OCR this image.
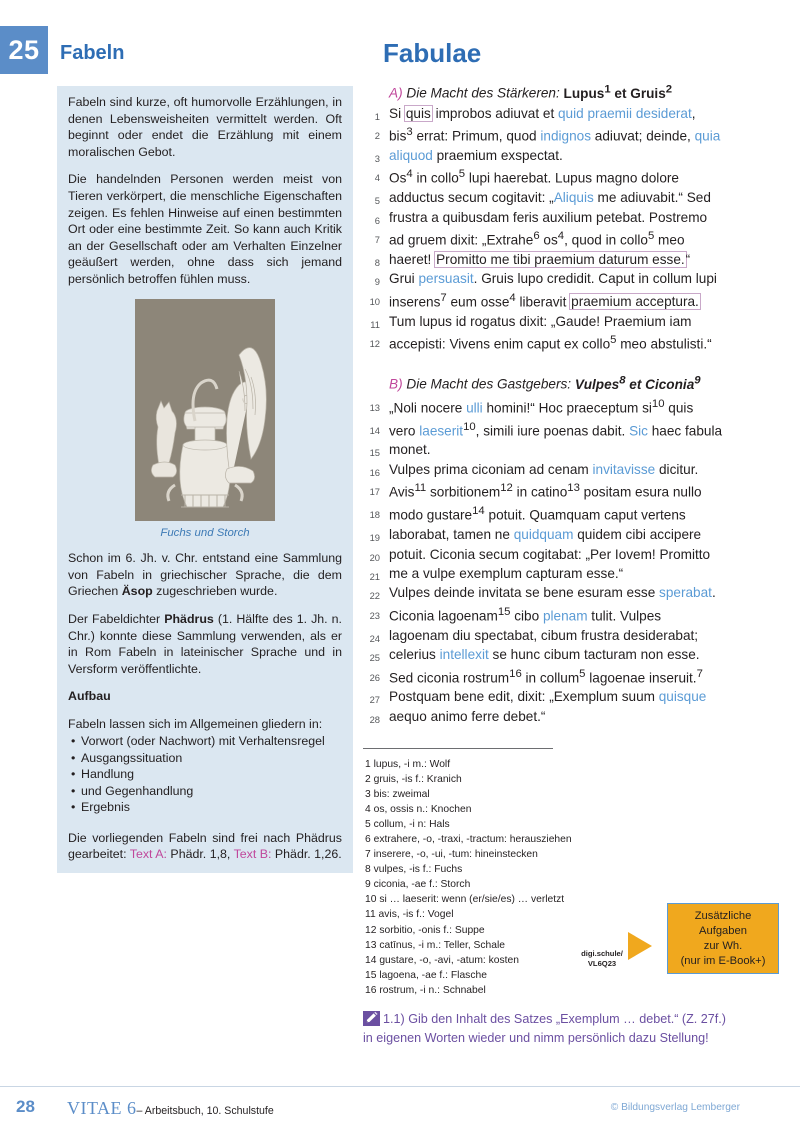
25	Fabeln	Fabulae

Fabeln sind kurze, oft humorvolle Erzählungen, in denen Lebensweisheiten vermittelt werden. Oft beginnt oder endet die Erzählung mit einem moralischen Gebot.

Die handelnden Personen werden meist von Tieren verkörpert, die menschliche Eigenschaften zeigen. Es fehlen Hinweise auf einen bestimmten Ort oder eine bestimmte Zeit. So kann auch Kritik an der Gesellschaft oder am Verhalten Einzelner geäußert werden, ohne dass sich jemand persönlich betroffen fühlen muss.

Fuchs und Storch

Schon im 6. Jh. v. Chr. entstand eine Sammlung von Fabeln in griechischer Sprache, die dem Griechen Äsop zugeschrieben wurde.

Der Fabeldichter Phädrus (1. Hälfte des 1. Jh. n. Chr.) konnte diese Sammlung verwenden, als er in Rom Fabeln in lateinischer Sprache und in Versform veröffentlichte.

Aufbau

Fabeln lassen sich im Allgemeinen gliedern in:

• Vorwort (oder Nachwort) mit Verhaltensregel
• Ausgangssituation
• Handlung
• und Gegenhandlung
• Ergebnis

Die vorliegenden Fabeln sind frei nach Phädrus gearbeitet: Text A: Phädr. 1,8, Text B: Phädr. 1,26.

A) Die Macht des Stärkeren: Lupus$^1$ et Gruis$^2$
1 Si quis improbos adiuvat et quid praemii desiderat,
2 bis$^3$ errat: Primum, quod indignos adiuvat; deinde, quia
3 aliquod praemium exspectat.
4 Os$^4$ in collo$^5$ lupi haerebat. Lupus magno dolore
5 adductus secum cogitavit: „Aliquis me adiuvabit.“ Sed
6 frustra a quibusdam feris auxilium petebat. Postremo
7 ad gruem dixit: „Extrahe$^6$ $os^4$, quod in collo$^5$ meo
8 haeret! Promitto me tibi praemium daturum esse.“
9 Grui persuasit. Gruis lupo credidit. Caput in collum lupi
10 inserens$^7$ eum osse$^4$ liberavit praemium acceptura.
11 Tum lupus id rogatus dixit: „Gaude! Praemium iam
12 accepisti: Vivens enim caput ex collo$^5$ meo abstulisti.“
B) Die Macht des Gastgebers: Vulpes$^8$ et Ciconia$^9$
13 „Noli nocere ulli homini!“ Hoc praeceptum $si^{10}$ quis
14 vero laeserit$^{10}$, simili iure poenas dabit. Sic haec fabula
15 monet.
16 Vulpes prima ciconiam ad cenam invitavisse dicitur.
17 Avis$^{11}$ sorbitionem$^{12}$ in catino$^{13}$ positam esura nullo
18 modo gustare$^{14}$ potuit. Quamquam caput vertens
19 laborabat, tamen ne quidquam quidem cibi accipere
20 potuit. Ciconia secum cogitabat: „Per Iovem! Promitto
21 me a vulpe exemplum capturam esse.“
22 Vulpes deinde invitata se bene esuram esse sperabat.
23 Ciconia lagoenam$^{15}$ cibo plenam tulit. Vulpes
24 lagoenam diu spectabat, cibum frustra desiderabat;
25 celerius intellexit se hunc cibum tacturam non esse.
26 Sed ciconia rostrum$^{16}$ in collum$^5$ lagoenae inseruit.$^7$
27 Postquam bene edit, dixit: „Exemplum suum quisque
28 aequo animo ferre debet.“
1 lupus, -i m.: Wolf
2 gruis, -is f.: Kranich
3 bis: zweimal
4 os, ossis n.: Knochen
5 collum, -i n: Hals
6 extrahere, -o, -traxi, -tractum: herausziehen
7 inserere, -o, -ui, -tum: hineinstecken
8 vulpes, -is f.: Fuchs
9 ciconia, -ae f.: Storch
10 si … laeserit: wenn (er/sie/es) … verletzt
11 avis, -is f.: Vogel
12 sorbitio, -onis f.: Suppe
13 catīnus, -i m.: Teller, Schale
14 gustare, -o, -avi, -atum: kosten
15 lagoena, -ae f.: Flasche
16 rostrum, -i n.: Schnabel
digi.schule/
VL6Q23
Zusätzliche
Aufgaben
zur Wh.
(nur im E-Book+)
1.1) Gib den Inhalt des Satzes „Exemplum … debet.“ (Z. 27f.)
in eigenen Worten wieder und nimm persönlich dazu Stellung!
28 VITAE 6– Arbeitsbuch, 10. Schulstufe	© Bildungsverlag Lemberger
